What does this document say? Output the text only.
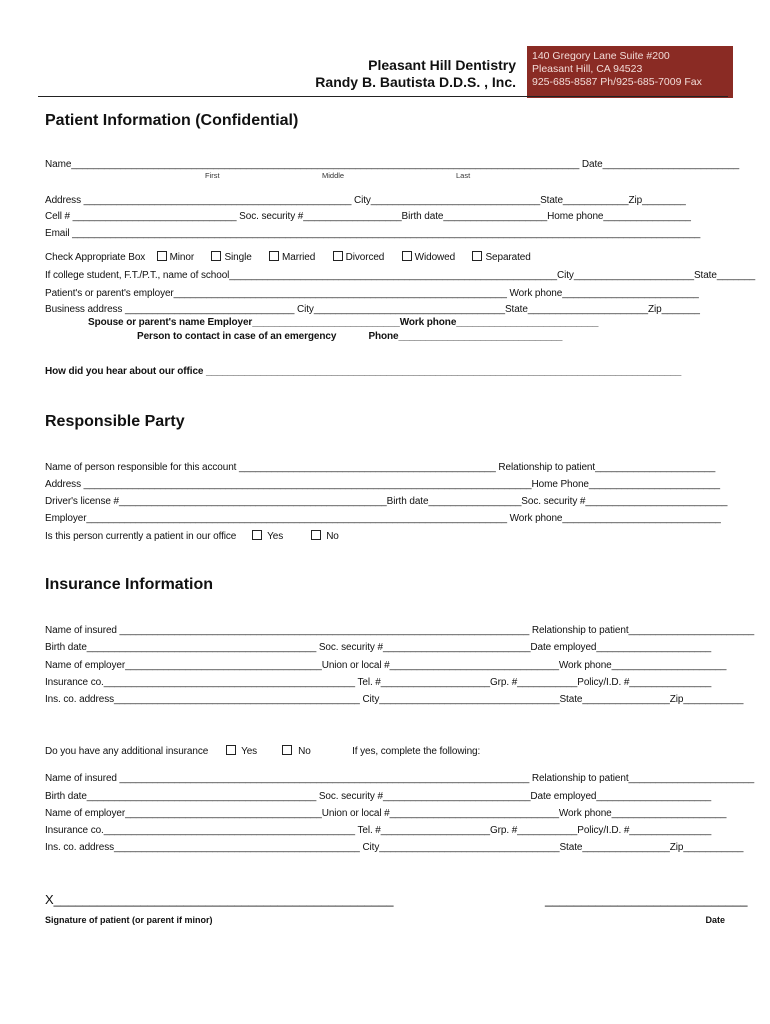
Pleasant Hill Dentistry
Randy B. Bautista D.D.S. , Inc.
140 Gregory Lane Suite #200
Pleasant Hill, CA 94523
925-685-8587 Ph/925-685-7009 Fax
Patient Information (Confidential)
Name_____________________________________________________________________________________________ Date_________________________
First	Middle	Last
Address _________________________________________________ City_______________________________State____________Zip________
Cell # ______________________________ Soc. security #__________________Birth date___________________Home phone________________
Email ___________________________________________________________________________________________________________________
Check Appropriate Box Minor	Single	Married	Divorced	Widowed	Separated
If college student, F.T./P.T., name of school____________________________________________________________City______________________State_______
Patient's or parent's employer_____________________________________________________________ Work phone_________________________
Business address _______________________________ City___________________________________State______________________Zip_______
Spouse or parent's name Employer___________________________Work phone__________________________
Person to contact in case of an emergency            Phone______________________________
How did you hear about our office _______________________________________________________________________________________
Responsible Party
Name of person responsible for this account _______________________________________________ Relationship to patient______________________
Address __________________________________________________________________________________Home Phone________________________
Driver's license #_________________________________________________Birth date_________________Soc. security #__________________________
Employer_____________________________________________________________________________ Work phone_____________________________
Is this person currently a patient in our office	Yes	No
Insurance Information
Name of insured ___________________________________________________________________________ Relationship to patient_______________________
Birth date__________________________________________ Soc. security #___________________________Date employed_____________________
Name of employer____________________________________Union or local #_______________________________Work phone_____________________
Insurance co.______________________________________________ Tel. #____________________Grp. #___________Policy/I.D. #_______________
Ins. co. address_____________________________________________ City_________________________________State________________Zip___________
Do you have any additional insurance	Yes	No	If yes, complete the following:
Name of insured ___________________________________________________________________________ Relationship to patient_______________________
Birth date__________________________________________ Soc. security #___________________________Date employed_____________________
Name of employer____________________________________Union or local #_______________________________Work phone_____________________
Insurance co.______________________________________________ Tel. #____________________Grp. #___________Policy/I.D. #_______________
Ins. co. address_____________________________________________ City_________________________________State________________Zip___________
X_______________________________________________	____________________________
Signature of patient (or parent if minor)	Date
